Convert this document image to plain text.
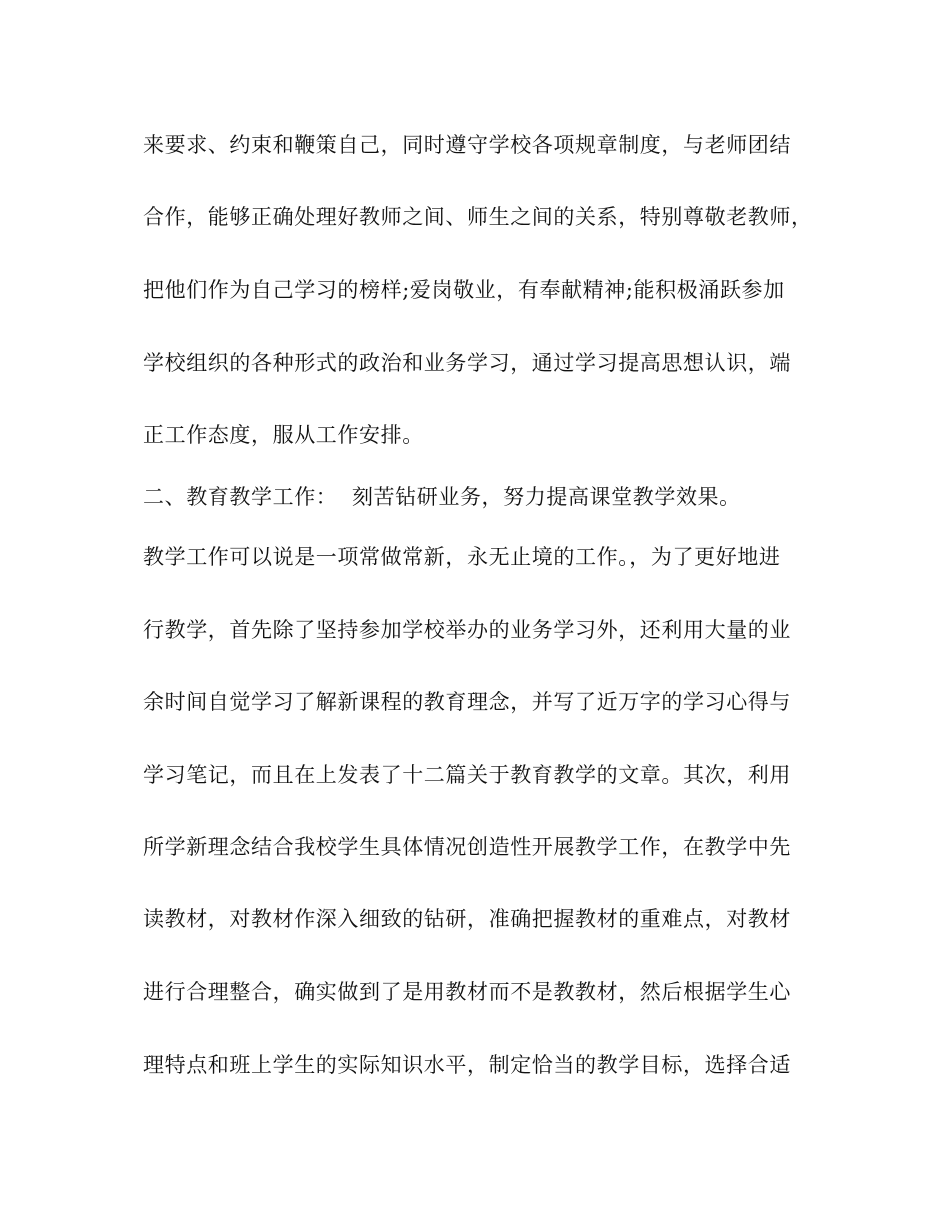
来要求、约束和鞭策自己，同时遵守学校各项规章制度，与老师团结
合作，能够正确处理好教师之间、师生之间的关系，特别尊敬老教师，
把他们作为自己学习的榜样;爱岗敬业，有奉献精神;能积极涌跃参加
学校组织的各种形式的政治和业务学习，通过学习提高思想认识，端
正工作态度，服从工作安排。
二、教育教学工作：  刻苦钻研业务，努力提高课堂教学效果。
教学工作可以说是一项常做常新，永无止境的工作。，为了更好地进
行教学，首先除了坚持参加学校举办的业务学习外，还利用大量的业
余时间自觉学习了解新课程的教育理念，并写了近万字的学习心得与
学习笔记，而且在上发表了十二篇关于教育教学的文章。其次，利用
所学新理念结合我校学生具体情况创造性开展教学工作，在教学中先
读教材，对教材作深入细致的钻研，准确把握教材的重难点，对教材
进行合理整合，确实做到了是用教材而不是教教材，然后根据学生心
理特点和班上学生的实际知识水平，制定恰当的教学目标，选择合适
